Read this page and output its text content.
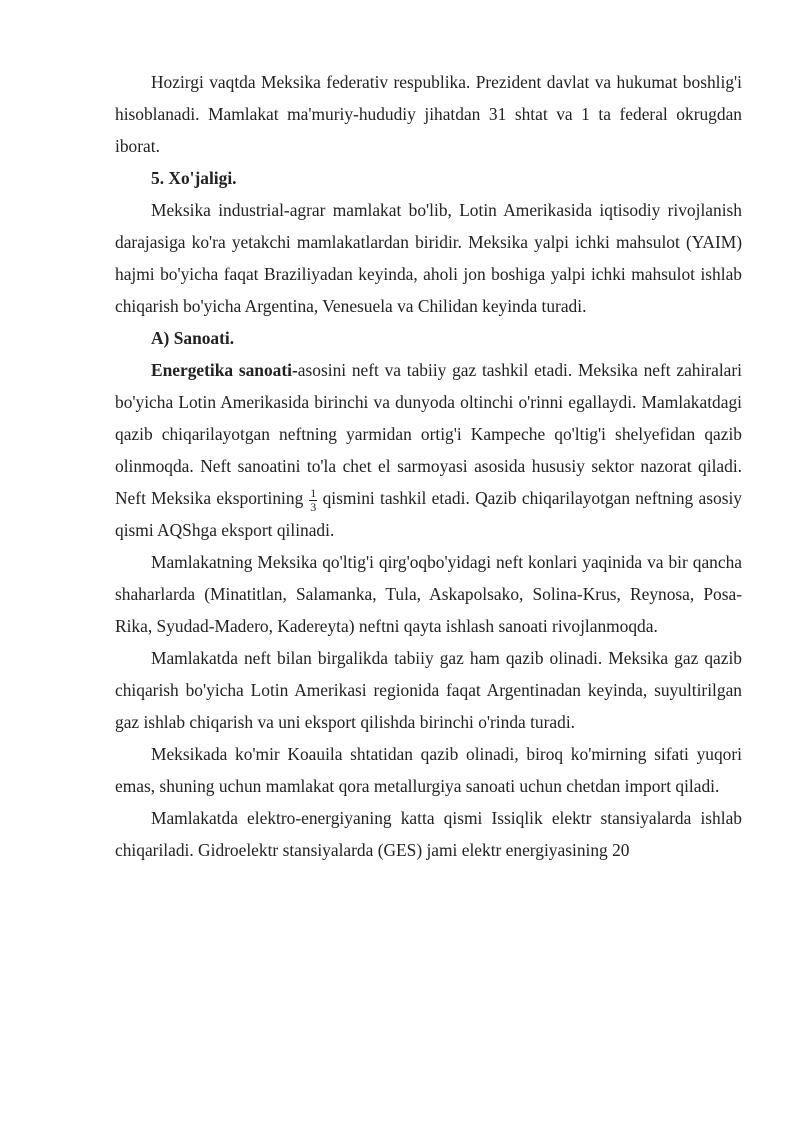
Hozirgi vaqtda Meksika federativ respublika. Prezident davlat va hukumat boshlig'i hisoblanadi. Mamlakat ma'muriy-hududiy jihatdan 31 shtat va 1 ta federal okrugdan iborat.

5. Xo'jaligi.

Meksika industrial-agrar mamlakat bo'lib, Lotin Amerikasida iqtisodiy rivojlanish darajasiga ko'ra yetakchi mamlakatlardan biridir. Meksika yalpi ichki mahsulot (YAIM) hajmi bo'yicha faqat Braziliyadan keyinda, aholi jon boshiga yalpi ichki mahsulot ishlab chiqarish bo'yicha Argentina, Venesuela va Chilidan keyinda turadi.

A) Sanoati.

Energetika sanoati-asosini neft va tabiiy gaz tashkil etadi. Meksika neft zahiralari bo'yicha Lotin Amerikasida birinchi va dunyoda oltinchi o'rinni egallaydi. Mamlakatdagi qazib chiqarilayotgan neftning yarmidan ortig'i Kampeche qo'ltig'i shelyefidan qazib olinmoqda. Neft sanoatini to'la chet el sarmoyasi asosida hususiy sektor nazorat qiladi. Neft Meksika eksportining $\frac{1}{3}$ qismini tashkil etadi. Qazib chiqarilayotgan neftning asosiy qismi AQShga eksport qilinadi.

Mamlakatning Meksika qo'ltig'i qirg'oqbo'yidagi neft konlari yaqinida va bir qancha shaharlarda (Minatitlan, Salamanka, Tula, Askapolsako, Solina-Krus, Reynosa, Posa-Rika, Syudad-Madero, Kadereyta) neftni qayta ishlash sanoati rivojlanmoqda.

Mamlakatda neft bilan birgalikda tabiiy gaz ham qazib olinadi. Meksika gaz qazib chiqarish bo'yicha Lotin Amerikasi regionida faqat Argentinadan keyinda, suyultirilgan gaz ishlab chiqarish va uni eksport qilishda birinchi o'rinda turadi.

Meksikada ko'mir Koauila shtatidan qazib olinadi, biroq ko'mirning sifati yuqori emas, shuning uchun mamlakat qora metallurgiya sanoati uchun chetdan import qiladi.

Mamlakatda elektro-energiyaning katta qismi Issiqlik elektr stansiyalarda ishlab chiqariladi. Gidroelektr stansiyalarda (GES) jami elektr energiyasining 20
